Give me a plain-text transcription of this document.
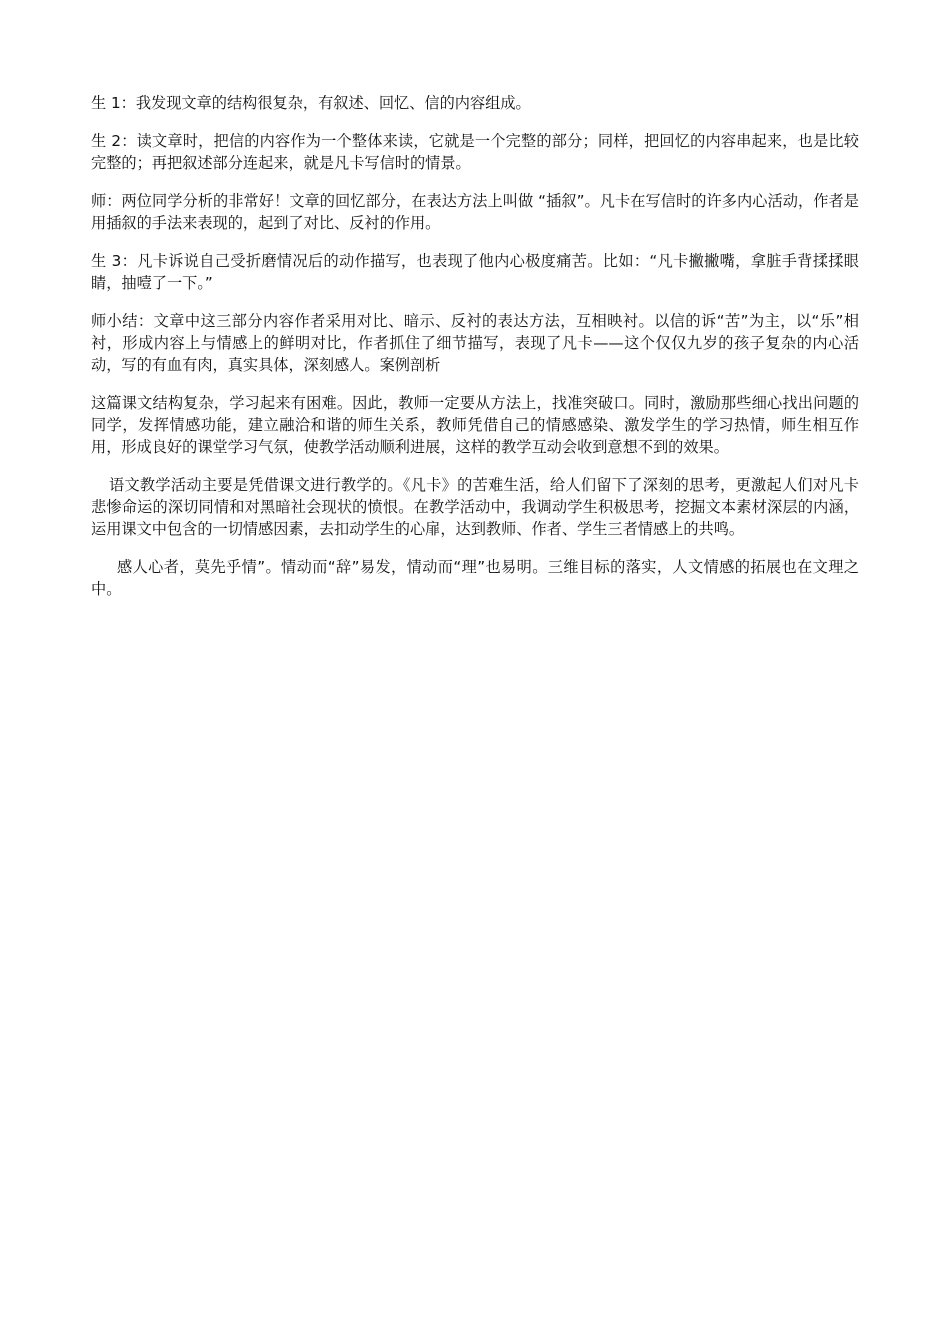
生 1：我发现文章的结构很复杂，有叙述、回忆、信的内容组成。

生 2：读文章时，把信的内容作为一个整体来读，它就是一个完整的部分；同样，把回忆的内容串起来，也是比较完整的；再把叙述部分连起来，就是凡卡写信时的情景。

师：两位同学分析的非常好！文章的回忆部分，在表达方法上叫做 “插叙”。凡卡在写信时的许多内心活动，作者是用插叙的手法来表现的，起到了对比、反衬的作用。

生 3：凡卡诉说自己受折磨情况后的动作描写，也表现了他内心极度痛苦。比如：“凡卡撇撇嘴，拿脏手背揉揉眼睛，抽噎了一下。”

师小结：文章中这三部分内容作者采用对比、暗示、反衬的表达方法，互相映衬。以信的诉“苦”为主，以“乐”相衬，形成内容上与情感上的鲜明对比，作者抓住了细节描写，表现了凡卡——这个仅仅九岁的孩子复杂的内心活动，写的有血有肉，真实具体，深刻感人。案例剖析

这篇课文结构复杂，学习起来有困难。因此，教师一定要从方法上，找准突破口。同时，激励那些细心找出问题的同学，发挥情感功能，建立融洽和谐的师生关系，教师凭借自己的情感感染、激发学生的学习热情，师生相互作用，形成良好的课堂学习气氛，使教学活动顺利进展，这样的教学互动会收到意想不到的效果。

语文教学活动主要是凭借课文进行教学的。《凡卡》的苦难生活，给人们留下了深刻的思考，更激起人们对凡卡悲惨命运的深切同情和对黑暗社会现状的愤恨。在教学活动中，我调动学生积极思考，挖掘文本素材深层的内涵，运用课文中包含的一切情感因素，去扣动学生的心扉，达到教师、作者、学生三者情感上的共鸣。

感人心者，莫先乎情”。情动而“辞”易发，情动而“理”也易明。三维目标的落实，人文情感的拓展也在文理之中。
